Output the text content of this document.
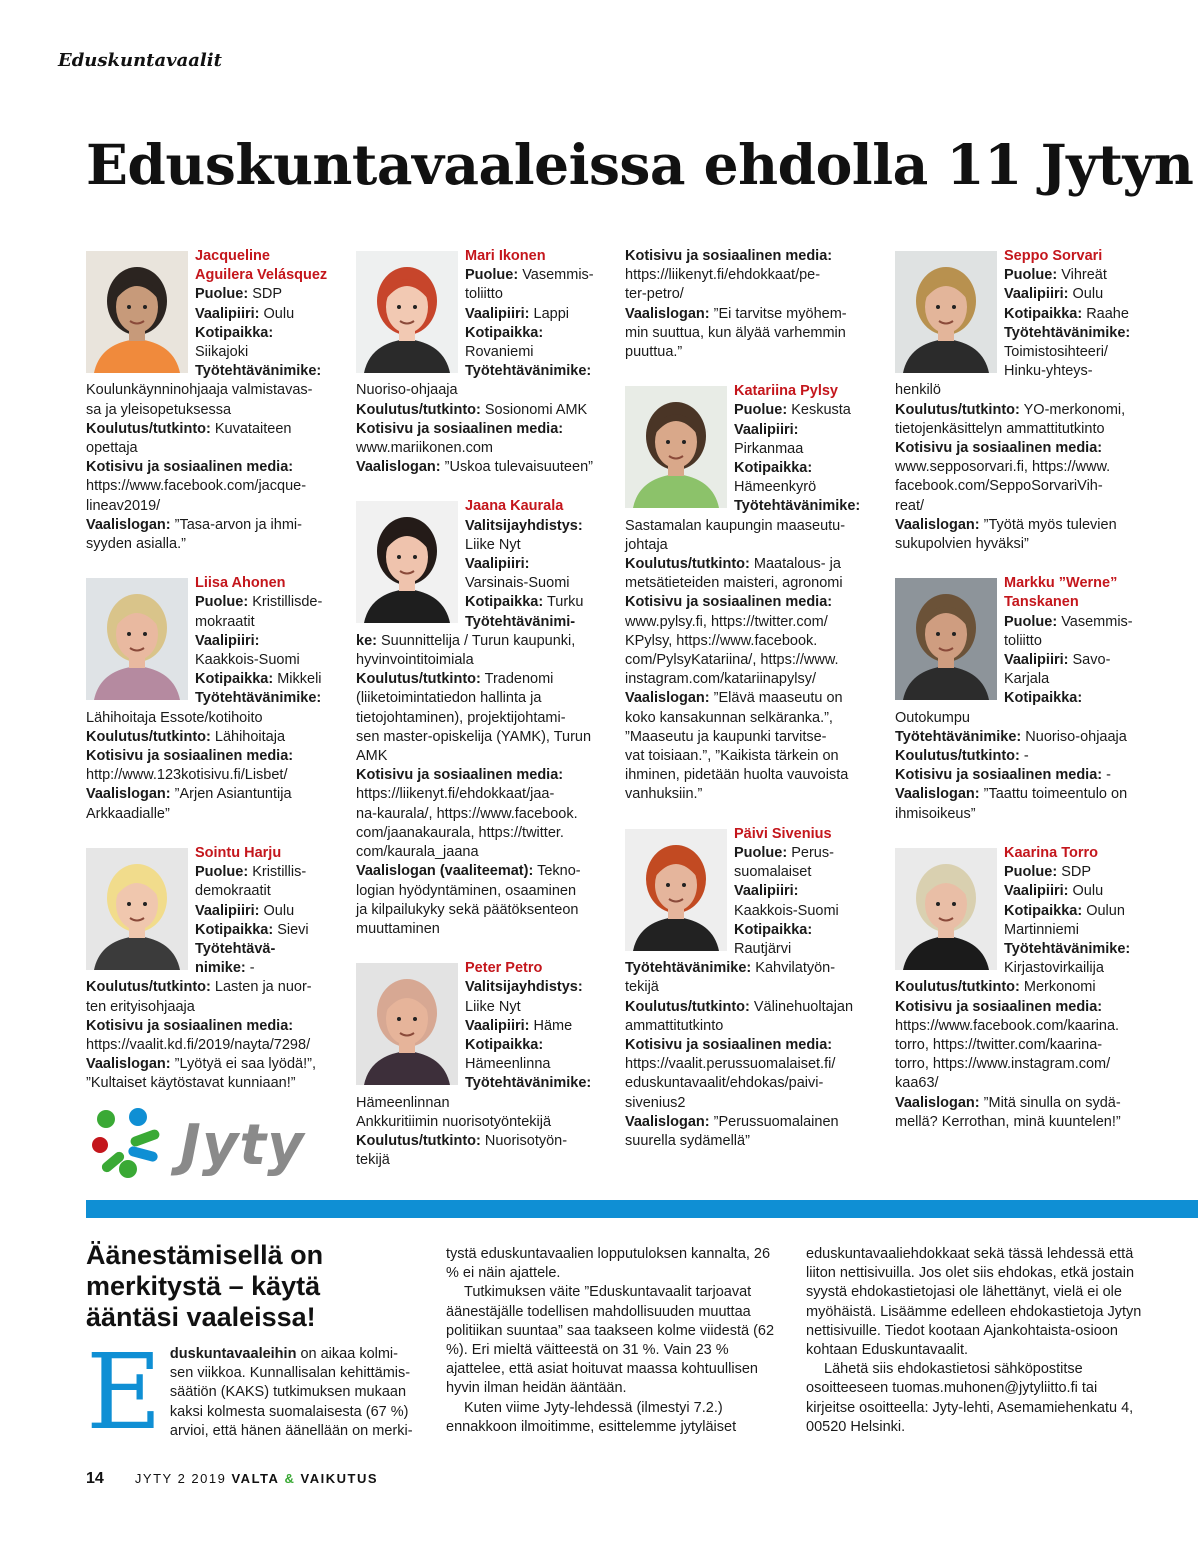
Eduskuntavaalit
Eduskuntavaaleissa ehdolla 11 Jytyn
Jacqueline
Aguilera Velásquez
Puolue: SDP
Vaalipiiri: Oulu
Kotipaikka:
Siikajoki
Työtehtävänimike:
Koulunkäynninohjaaja valmistavas-
sa ja yleisopetuksessa
Koulutus/tutkinto: Kuvataiteen
opettaja
Kotisivu ja sosiaalinen media:
https://www.facebook.com/jacque-
lineav2019/
Vaalislogan: ”Tasa-arvon ja ihmi-
syyden asialla.”
Liisa Ahonen
Puolue: Kristillisde-
mokraatit
Vaalipiiri:
Kaakkois-Suomi
Kotipaikka: Mikkeli
Työtehtävänimike:
Lähihoitaja Essote/kotihoito
Koulutus/tutkinto: Lähihoitaja
Kotisivu ja sosiaalinen media:
http://www.123kotisivu.fi/Lisbet/
Vaalislogan: ”Arjen Asiantuntija
Arkkaadialle”
Sointu Harju
Puolue: Kristillis-
demokraatit
Vaalipiiri: Oulu
Kotipaikka: Sievi
Työtehtävä-
nimike: -
Koulutus/tutkinto: Lasten ja nuor-
ten erityisohjaaja
Kotisivu ja sosiaalinen media:
https://vaalit.kd.fi/2019/nayta/7298/
Vaalislogan: ”Lyötyä ei saa lyödä!”,
”Kultaiset käytöstavat kunniaan!”
Mari Ikonen
Puolue: Vasemmis-
toliitto
Vaalipiiri: Lappi
Kotipaikka:
Rovaniemi
Työtehtävänimike:
Nuoriso-ohjaaja
Koulutus/tutkinto: Sosionomi AMK
Kotisivu ja sosiaalinen media:
www.mariikonen.com
Vaalislogan: ”Uskoa tulevaisuuteen”
Jaana Kaurala
Valitsijayhdistys:
Liike Nyt
Vaalipiiri:
Varsinais-Suomi
Kotipaikka: Turku
Työtehtävänimi-
ke: Suunnittelija / Turun kaupunki,
hyvinvointitoimiala
Koulutus/tutkinto: Tradenomi
(liiketoimintatiedon hallinta ja
tietojohtaminen), projektijohtami-
sen master-opiskelija (YAMK), Turun
AMK
Kotisivu ja sosiaalinen media:
https://liikenyt.fi/ehdokkaat/jaa-
na-kaurala/, https://www.facebook.
com/jaanakaurala, https://twitter.
com/kaurala_jaana
Vaalislogan (vaaliteemat): Tekno-
logian hyödyntäminen, osaaminen
ja kilpailukyky sekä päätöksenteon
muuttaminen
Peter Petro
Valitsijayhdistys:
Liike Nyt
Vaalipiiri: Häme
Kotipaikka:
Hämeenlinna
Työtehtävänimike:
Hämeenlinnan
Ankkuritiimin nuorisotyöntekijä
Koulutus/tutkinto: Nuorisotyön-
tekijä
Kotisivu ja sosiaalinen media:
https://liikenyt.fi/ehdokkaat/pe-
ter-petro/
Vaalislogan: ”Ei tarvitse myöhem-
min suuttua, kun älyää varhemmin
puuttua.”
Katariina Pylsy
Puolue: Keskusta
Vaalipiiri:
Pirkanmaa
Kotipaikka:
Hämeenkyrö
Työtehtävänimike:
Sastamalan kaupungin maaseutu-
johtaja
Koulutus/tutkinto: Maatalous- ja
metsätieteiden maisteri, agronomi
Kotisivu ja sosiaalinen media:
www.pylsy.fi, https://twitter.com/
KPylsy, https://www.facebook.
com/PylsyKatariina/, https://www.
instagram.com/katariinapylsy/
Vaalislogan: ”Elävä maaseutu on
koko kansakunnan selkäranka.”,
”Maaseutu ja kaupunki tarvitse-
vat toisiaan.”, ”Kaikista tärkein on
ihminen, pidetään huolta vauvoista
vanhuksiin.”
Päivi Sivenius
Puolue: Perus-
suomalaiset
Vaalipiiri:
Kaakkois-Suomi
Kotipaikka:
Rautjärvi
Työtehtävänimike: Kahvilatyön-
tekijä
Koulutus/tutkinto: Välinehuoltajan
ammattitutkinto
Kotisivu ja sosiaalinen media:
https://vaalit.perussuomalaiset.fi/
eduskuntavaalit/ehdokas/paivi-
sivenius2
Vaalislogan: ”Perussuomalainen
suurella sydämellä”
Seppo Sorvari
Puolue: Vihreät
Vaalipiiri: Oulu
Kotipaikka: Raahe
Työtehtävänimike:
Toimistosihteeri/
Hinku-yhteys-
henkilö
Koulutus/tutkinto: YO-merkonomi,
tietojenkäsittelyn ammattitutkinto
Kotisivu ja sosiaalinen media:
www.sepposorvari.fi, https://www.
facebook.com/SeppoSorvariVih-
reat/
Vaalislogan: ”Työtä myös tulevien
sukupolvien hyväksi”
Markku ”Werne”
Tanskanen
Puolue: Vasemmis-
toliitto
Vaalipiiri: Savo-
Karjala
Kotipaikka:
Outokumpu
Työtehtävänimike: Nuoriso-ohjaaja
Koulutus/tutkinto: -
Kotisivu ja sosiaalinen media: -
Vaalislogan: ”Taattu toimeentulo on
ihmisoikeus”
Kaarina Torro
Puolue: SDP
Vaalipiiri: Oulu
Kotipaikka: Oulun
Martinniemi
Työtehtävänimike:
Kirjastovirkailija
Koulutus/tutkinto: Merkonomi
Kotisivu ja sosiaalinen media:
https://www.facebook.com/kaarina.
torro, https://twitter.com/kaarina-
torro, https://www.instagram.com/
kaa63/
Vaalislogan: ”Mitä sinulla on sydä-
mellä? Kerrothan, minä kuuntelen!”
Jyty
Äänestämisellä on merkitystä – käytä ääntäsi vaaleissa!
Eduskuntavaaleihin on aikaa kolmi- sen viikkoa. Kunnallisalan kehittämis- säätiön (KAKS) tutkimuksen mukaan kaksi kolmesta suomalaisesta (67 %) arvioi, että hänen äänellään on merki-
tystä eduskuntavaalien lopputuloksen kannalta, 26 % ei näin ajattele.
Tutkimuksen väite ”Eduskuntavaalit tarjoavat äänestäjälle todellisen mahdollisuuden muuttaa politiikan suuntaa” saa taakseen kolme viidestä (62 %). Eri mieltä väitteestä on 31 %. Vain 23 % ajattelee, että asiat hoituvat maassa kohtuullisen hyvin ilman heidän ääntään.
Kuten viime Jyty-lehdessä (ilmestyi 7.2.) ennakkoon ilmoitimme, esittelemme jytyläiset
eduskuntavaaliehdokkaat sekä tässä lehdessä että liiton nettisivuilla. Jos olet siis ehdokas, etkä jostain syystä ehdokastietojasi ole lähettänyt, vielä ei ole myöhäistä. Lisäämme edelleen ehdokastietoja Jytyn nettisivuille. Tiedot kootaan Ajankohtaista-osioon kohtaan Eduskuntavaalit.
Lähetä siis ehdokastietosi sähköpostitse osoitteeseen tuomas.muhonen@jytyliitto.fi tai kirjeitse osoitteella: Jyty-lehti, Asemamiehenkatu 4, 00520 Helsinki.
14 JYTY 2 2019 VALTA & VAIKUTUS
